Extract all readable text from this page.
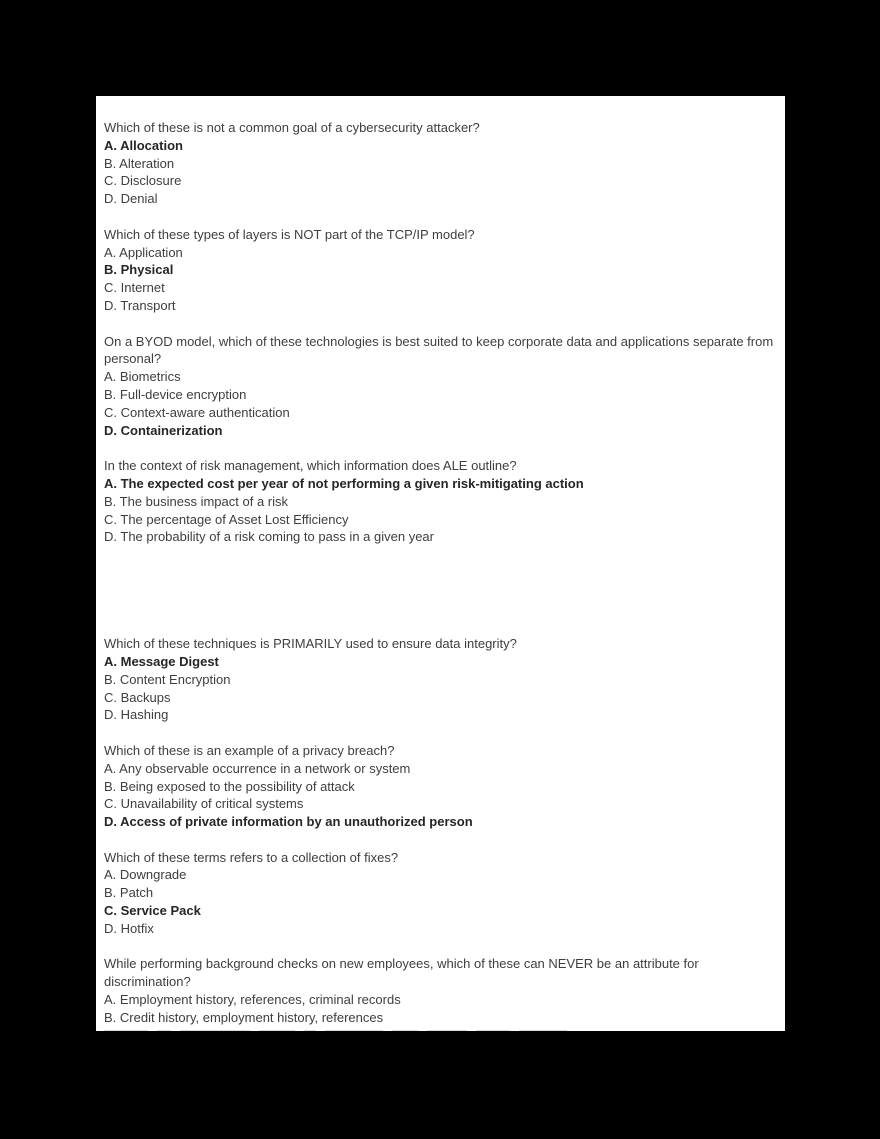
Which of these is not a common goal of a cybersecurity attacker?
A. Allocation
B. Alteration
C. Disclosure
D. Denial
Which of these types of layers is NOT part of the TCP/IP model?
A. Application
B. Physical
C. Internet
D. Transport
On a BYOD model, which of these technologies is best suited to keep corporate data and applications separate from personal?
A. Biometrics
B. Full-device encryption
C. Context-aware authentication
D. Containerization
In the context of risk management, which information does ALE outline?
A. The expected cost per year of not performing a given risk-mitigating action
B. The business impact of a risk
C. The percentage of Asset Lost Efficiency
D. The probability of a risk coming to pass in a given year
Which of these techniques is PRIMARILY used to ensure data integrity?
A. Message Digest
B. Content Encryption
C. Backups
D. Hashing
Which of these is an example of a privacy breach?
A. Any observable occurrence in a network or system
B. Being exposed to the possibility of attack
C. Unavailability of critical systems
D. Access of private information by an unauthorized person
Which of these terms refers to a collection of fixes?
A. Downgrade
B. Patch
C. Service Pack
D. Hotfix
While performing background checks on new employees, which of these can NEVER be an attribute for discrimination?
A. Employment history, references, criminal records
B. Credit history, employment history, references
